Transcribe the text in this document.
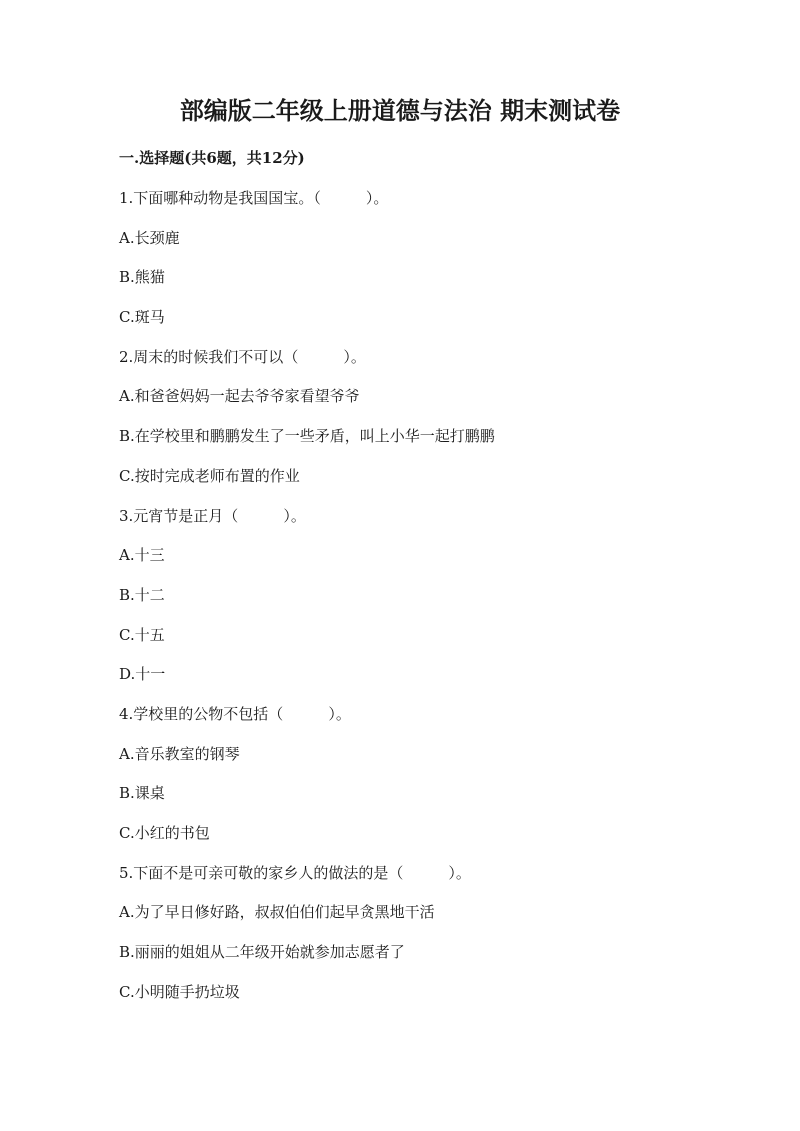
部编版二年级上册道德与法治 期末测试卷
一.选择题(共6题，共12分)
1.下面哪种动物是我国国宝。（　　　）。
A.长颈鹿
B.熊猫
C.斑马
2.周末的时候我们不可以（　　　）。
A.和爸爸妈妈一起去爷爷家看望爷爷
B.在学校里和鹏鹏发生了一些矛盾，叫上小华一起打鹏鹏
C.按时完成老师布置的作业
3.元宵节是正月（　　　）。
A.十三
B.十二
C.十五
D.十一
4.学校里的公物不包括（　　　）。
A.音乐教室的钢琴
B.课桌
C.小红的书包
5.下面不是可亲可敬的家乡人的做法的是（　　　）。
A.为了早日修好路，叔叔伯伯们起早贪黑地干活
B.丽丽的姐姐从二年级开始就参加志愿者了
C.小明随手扔垃圾
